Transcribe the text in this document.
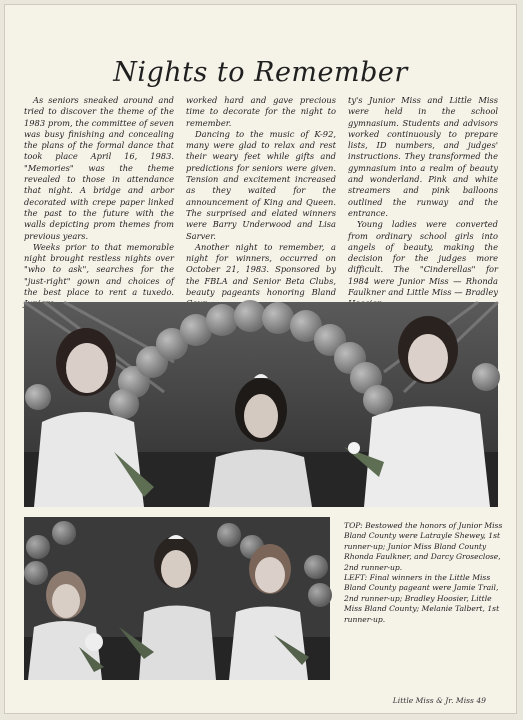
Nights to Remember

As seniors sneaked around and tried to discover the theme of the 1983 prom, the committee of seven was busy finishing and concealing the plans of the formal dance that took place April 16, 1983. "Memories" was the theme revealed to those in attendance that night. A bridge and arbor decorated with crepe paper linked the past to the future with the walls depicting prom themes from previous years.

Weeks prior to that memorable night brought restless nights over "who to ask", searches for the "just-right" gown and choices of the best place to rent a tuxedo.

worked hard and gave precious time to decorate for the night to remember.

Dancing to the music of K-92, many were glad to relax and rest their weary feet while gifts and predictions for seniors were given. Tension and excitement increased as they waited for the announcement of King and Queen. The surprised and elated winners were Barry Underwood and Lisa Sarver.

Another night to remember, a night for winners, occurred on October 21, 1983. Sponsored by the FBLA and Senior Beta Clubs, beauty pageants honoring Bland

ty's Junior Miss and Little Miss were held in the school gymnasium. Students and advisors worked continuously to prepare lists, ID numbers, and judges' instructions. They transformed the gymnasium into a realm of beauty and wonderland. Pink and white streamers and pink balloons outlined the runway and the entrance.

Young ladies were converted from ordinary school girls into angels of beauty, making the decision for the judges more difficult. The "Cinderellas" for 1984 were Junior Miss — Rhonda Faulkner and Little Miss — Bradley

TOP: Bestowed the honors of Junior Miss Bland County were Latrayle Shewey, 1st runner-up; Junior Miss Bland County Rhonda Faulkner, and Darcy Groseclose, 2nd runner-up.
LEFT: Final winners in the Little Miss Bland County pageant were Jamie Trail, 2nd runner-up; Bradley Hoosier, Little Miss Bland County; Melanie Talbert, 1st runner-up.

Little Miss & Jr. Miss 49
